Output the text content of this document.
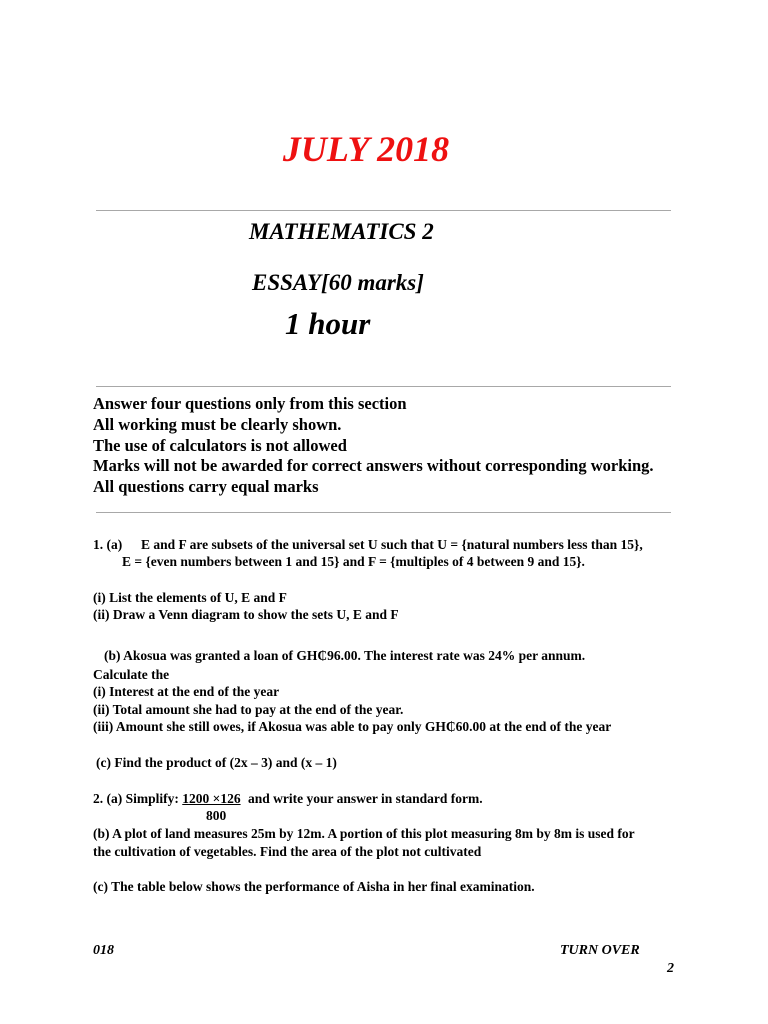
JULY 2018
MATHEMATICS 2
ESSAY[60 marks]
1 hour
Answer four questions only from this section
All working must be clearly shown.
The use of calculators is not allowed
Marks will not be awarded for correct answers without corresponding working.
All questions carry equal marks
1. (a) E and F are subsets of the universal set U such that U = {natural numbers less than 15},
E = {even numbers between 1 and 15} and F = {multiples of 4 between 9 and 15}.
(i) List the elements of U, E and F
(ii) Draw a Venn diagram to show the sets U, E and F
(b) Akosua was granted a loan of GH₵96.00. The interest rate was 24% per annum.
Calculate the
(i) Interest at the end of the year
(ii) Total amount she had to pay at the end of the year.
(iii) Amount she still owes, if Akosua was able to pay only GH₵60.00 at the end of the year
(c) Find the product of (2x – 3) and (x – 1)
2. (a) Simplify: 1200 ×126 and write your answer in standard form.
800
(b) A plot of land measures 25m by 12m. A portion of this plot measuring 8m by 8m is used for
the cultivation of vegetables. Find the area of the plot not cultivated
(c) The table below shows the performance of Aisha in her final examination.
018	TURN OVER
2
